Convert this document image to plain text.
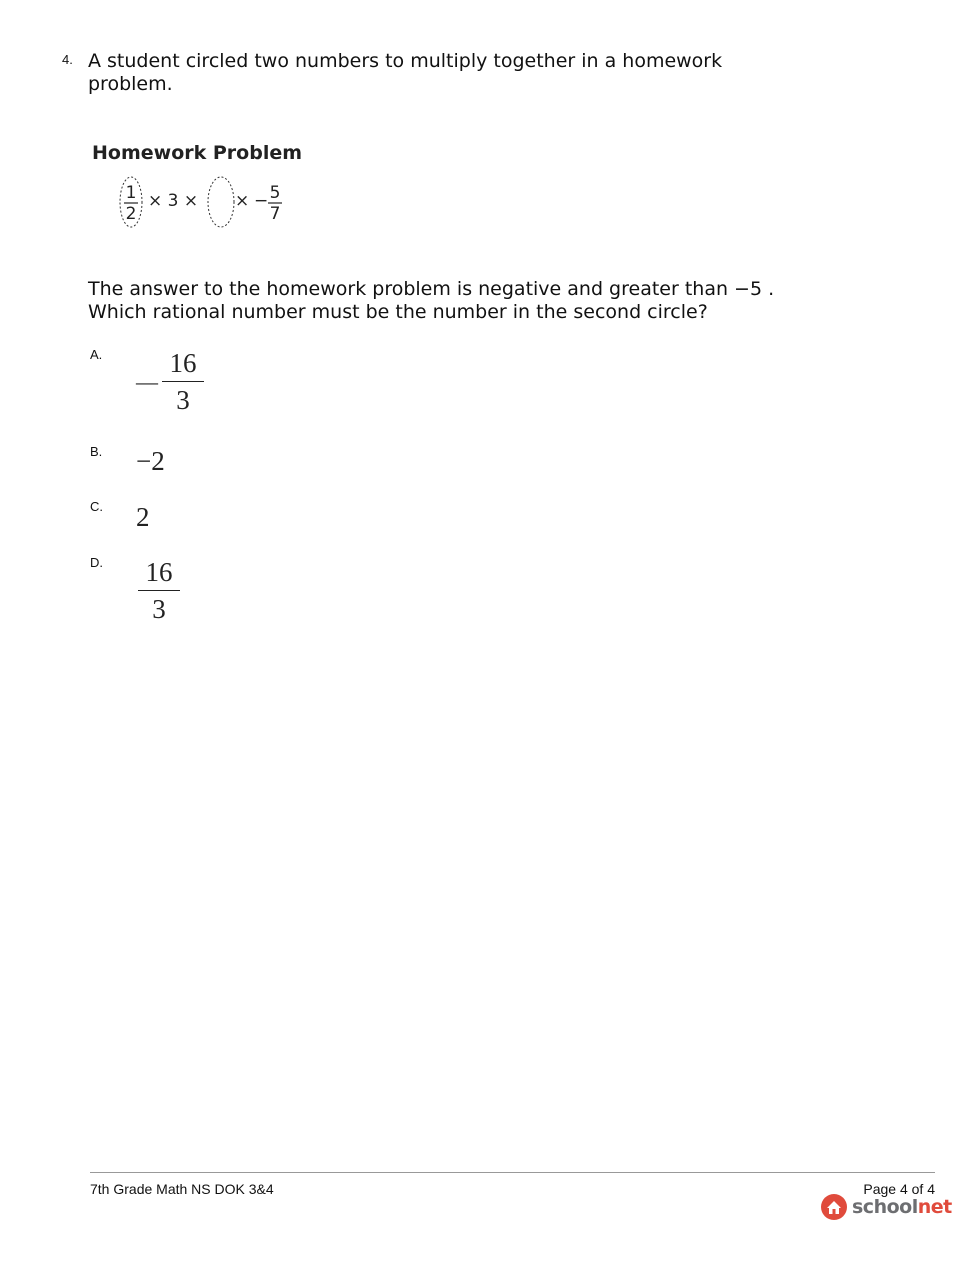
4. A student circled two numbers to multiply together in a homework problem.
Homework Problem
1
2
× 3 × × − 5
7
The answer to the homework problem is negative and greater than −5 .
Which rational number must be the number in the second circle?
A.
— $\frac{16}{3}$
B. −2
C. 2
D. $\frac{16}{3}$
7th Grade Math NS DOK 3&4	Page 4 of 4
schoolnet
